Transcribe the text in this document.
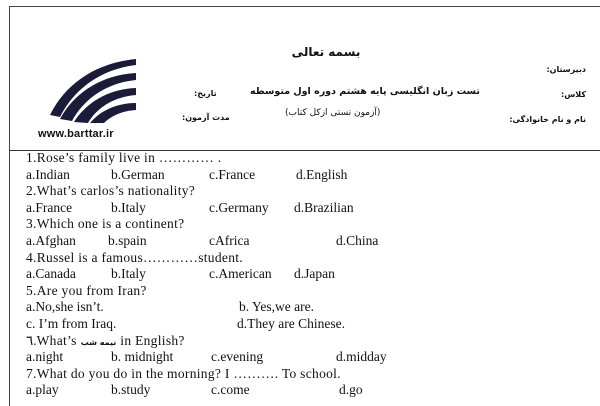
www.barttar.ir
بسمه تعالی
دبیرستان:
کلاس:
نام و نام خانوادگی:
تست زبان انگلیسی پایه هشتم دوره اول متوسطه
(آزمون تستی ازکل کتاب)
تاریخ:
مدت آزمون:
1.Rose’s family live in ………… .
a.Indian	b.German	c.France	d.English
2.What’s carlos’s nationality?
a.France	b.Italy	c.Germany d.Brazilian
3.Which one is a continent?
a.Afghan b.spain	cAfrica	d.China
4.Russel is a famous…………student.
a.Canada	b.Italy	c.American d.Japan
5.Are you from Iran?
a.No,she isn’t.	b. Yes,we are.
c. I’m from Iraq.	d.They are Chinese.
٦.What’s نیمه شب in English?
a.night	b. midnight	c.evening	d.midday
7.What do you do in the morning? I ………. To school.
a.play	b.study	c.come	d.go
